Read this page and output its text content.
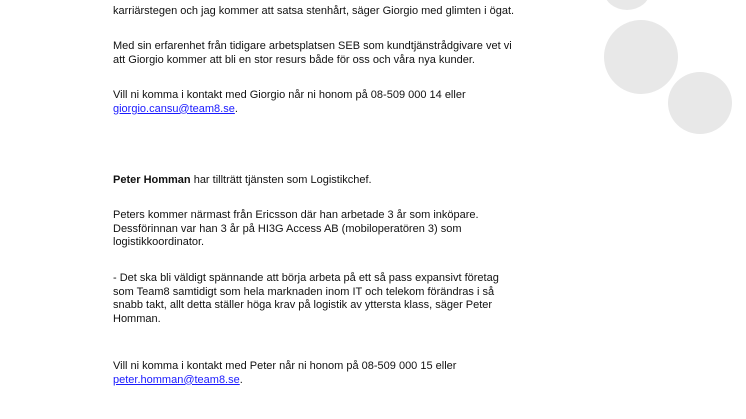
karriärstegen och jag kommer att satsa stenhårt, säger Giorgio med glimten i ögat.

Med sin erfarenhet från tidigare arbetsplatsen SEB som kundtjänstrådgivare vet vi
att Giorgio kommer att bli en stor resurs både för oss och våra nya kunder.

Vill ni komma i kontakt med Giorgio når ni honom på 08-509 000 14 eller
giorgio.cansu@team8.se.

Peter Homman har tillträtt tjänsten som Logistikchef.

Peters kommer närmast från Ericsson där han arbetade 3 år som inköpare.
Dessförinnan var han 3 år på HI3G Access AB (mobiloperatören 3) som
logistikkoordinator.

- Det ska bli väldigt spännande att börja arbeta på ett så pass expansivt företag
som Team8 samtidigt som hela marknaden inom IT och telekom förändras i så
snabb takt, allt detta ställer höga krav på logistik av yttersta klass, säger Peter
Homman.

Vill ni komma i kontakt med Peter når ni honom på 08-509 000 15 eller
peter.homman@team8.se.
